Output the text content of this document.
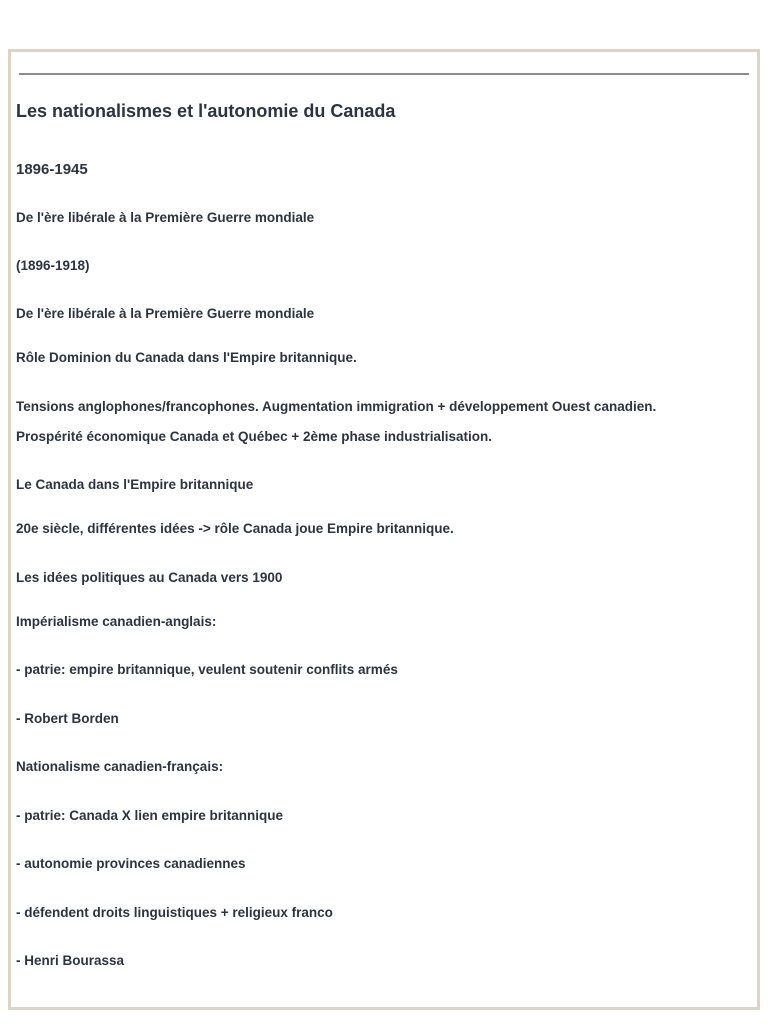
Les nationalismes et l'autonomie du Canada
1896-1945
De l'ère libérale à la Première Guerre mondiale
(1896-1918)
De l'ère libérale à la Première Guerre mondiale
Rôle Dominion du Canada dans l'Empire britannique.
Tensions anglophones/francophones. Augmentation immigration + développement Ouest canadien.
Prospérité économique Canada et Québec + 2ème phase industrialisation.
Le Canada dans l'Empire britannique
20e siècle, différentes idées -> rôle Canada joue Empire britannique.
Les idées politiques au Canada vers 1900
Impérialisme canadien-anglais:
- patrie: empire britannique, veulent soutenir conflits armés
- Robert Borden
Nationalisme canadien-français:
- patrie: Canada X lien empire britannique
- autonomie provinces canadiennes
- défendent droits linguistiques + religieux franco
- Henri Bourassa
